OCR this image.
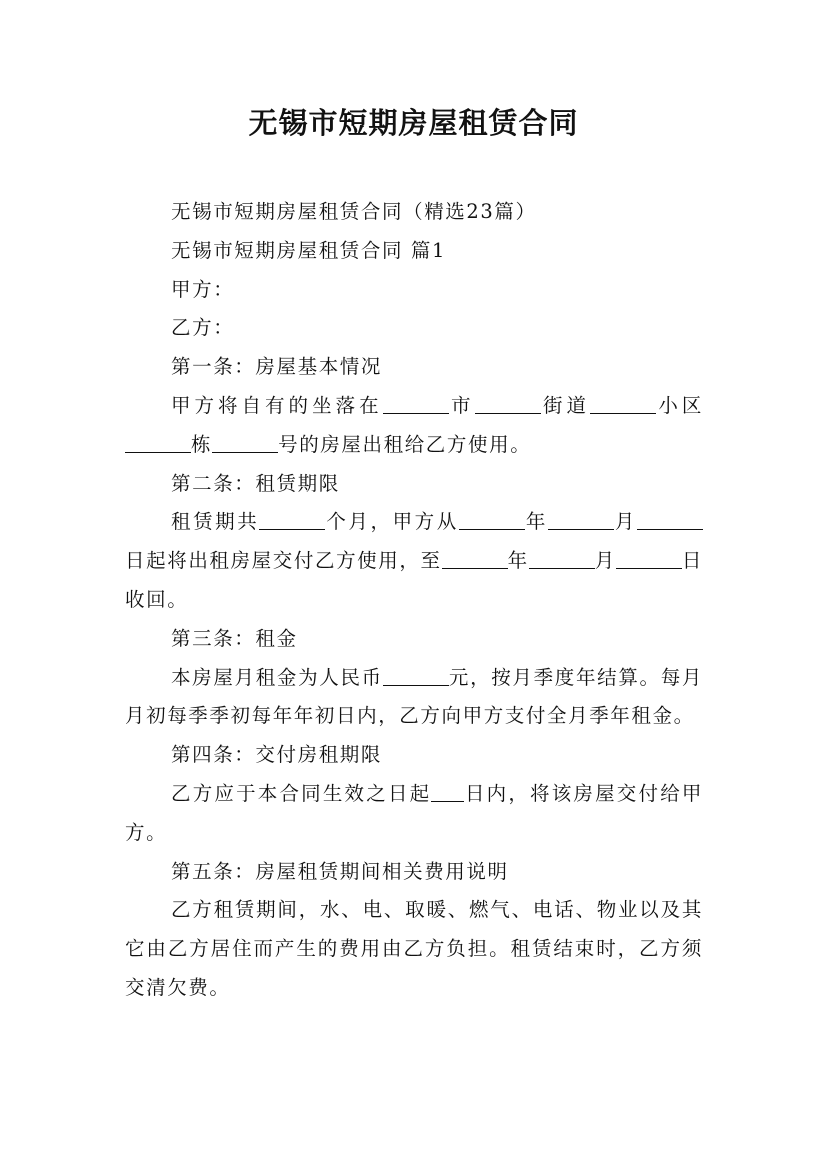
无锡市短期房屋租赁合同

无锡市短期房屋租赁合同（精选23篇）

无锡市短期房屋租赁合同 篇1

甲方：

乙方：

第一条：房屋基本情况

甲方将自有的坐落在	市	街道	小区栋	号的房屋出租给乙方使用。

第二条：租赁期限

租赁期共	个月，甲方从	年	月日起将出租房屋交付乙方使用，至	年	月	日收回。

第三条：租金

本房屋月租金为人民币	元，按月季度年结算。每月月初每季季初每年年初日内，乙方向甲方支付全月季年租金。

第四条：交付房租期限

乙方应于本合同生效之日起 日内，将该房屋交付给甲方。

第五条：房屋租赁期间相关费用说明

乙方租赁期间，水、电、取暖、燃气、电话、物业以及其它由乙方居住而产生的费用由乙方负担。租赁结束时，乙方须交清欠费。
